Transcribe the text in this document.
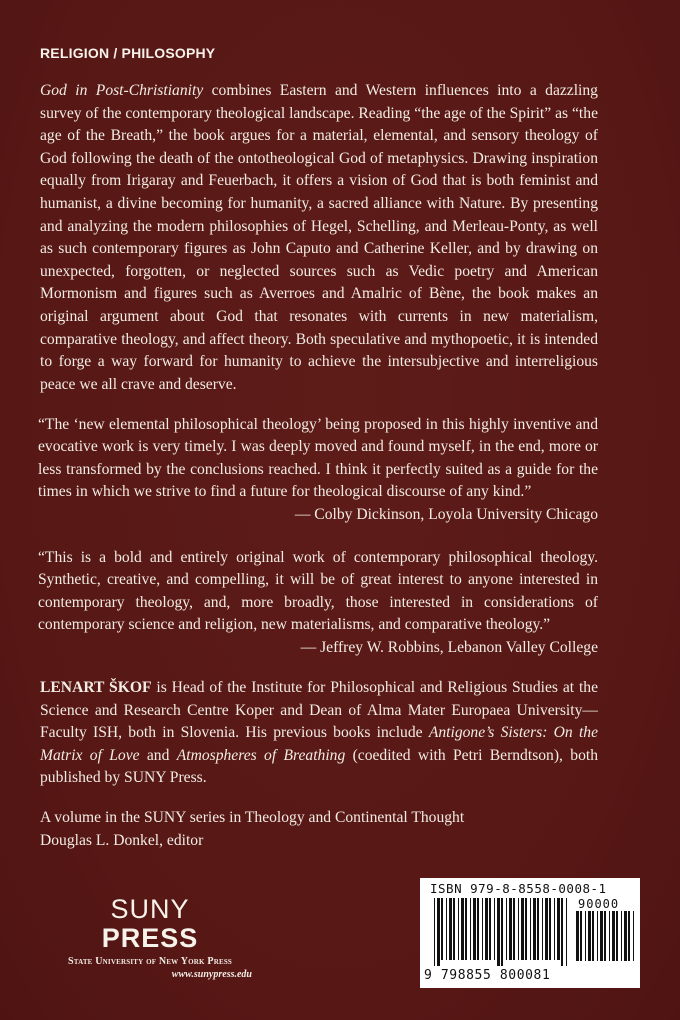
RELIGION / PHILOSOPHY

God in Post-Christianity combines Eastern and Western influences into a dazzling survey of the contemporary theological landscape. Reading “the age of the Spirit” as “the age of the Breath,” the book argues for a material, elemental, and sensory theology of God following the death of the ontotheological God of metaphysics. Drawing inspiration equally from Irigaray and Feuerbach, it offers a vision of God that is both feminist and humanist, a divine becoming for humanity, a sacred alliance with Nature. By presenting and analyzing the modern philosophies of Hegel, Schelling, and Merleau-Ponty, as well as such contemporary figures as John Caputo and Catherine Keller, and by drawing on unexpected, forgotten, or neglected sources such as Vedic poetry and American Mormonism and figures such as Averroes and Amalric of Bène, the book makes an original argument about God that resonates with currents in new materialism, comparative theology, and affect theory. Both speculative and mythopoetic, it is intended to forge a way forward for humanity to achieve the intersubjective and interreligious peace we all crave and deserve.

“The ‘new elemental philosophical theology’ being proposed in this highly inventive and evocative work is very timely. I was deeply moved and found myself, in the end, more or less transformed by the conclusions reached. I think it perfectly suited as a guide for the times in which we strive to find a future for theological discourse of any kind.”
— Colby Dickinson, Loyola University Chicago
“This is a bold and entirely original work of contemporary philosophical theology. Synthetic, creative, and compelling, it will be of great interest to anyone interested in contemporary theology, and, more broadly, those interested in considerations of contemporary science and religion, new materialisms, and comparative theology.”
— Jeffrey W. Robbins, Lebanon Valley College
LENART ŠKOF is Head of the Institute for Philosophical and Religious Studies at the Science and Research Centre Koper and Dean of Alma Mater Europaea University—Faculty ISH, both in Slovenia. His previous books include Antigone’s Sisters: On the Matrix of Love and Atmospheres of Breathing (coedited with Petri Berndtson), both published by SUNY Press.
A volume in the SUNY series in Theology and Continental Thought
Douglas L. Donkel, editor
SUNY
PRESS
State University of New York Press
www.sunypress.edu
ISBN 979-8-8558-0008-1
90000
9 798855 800081
